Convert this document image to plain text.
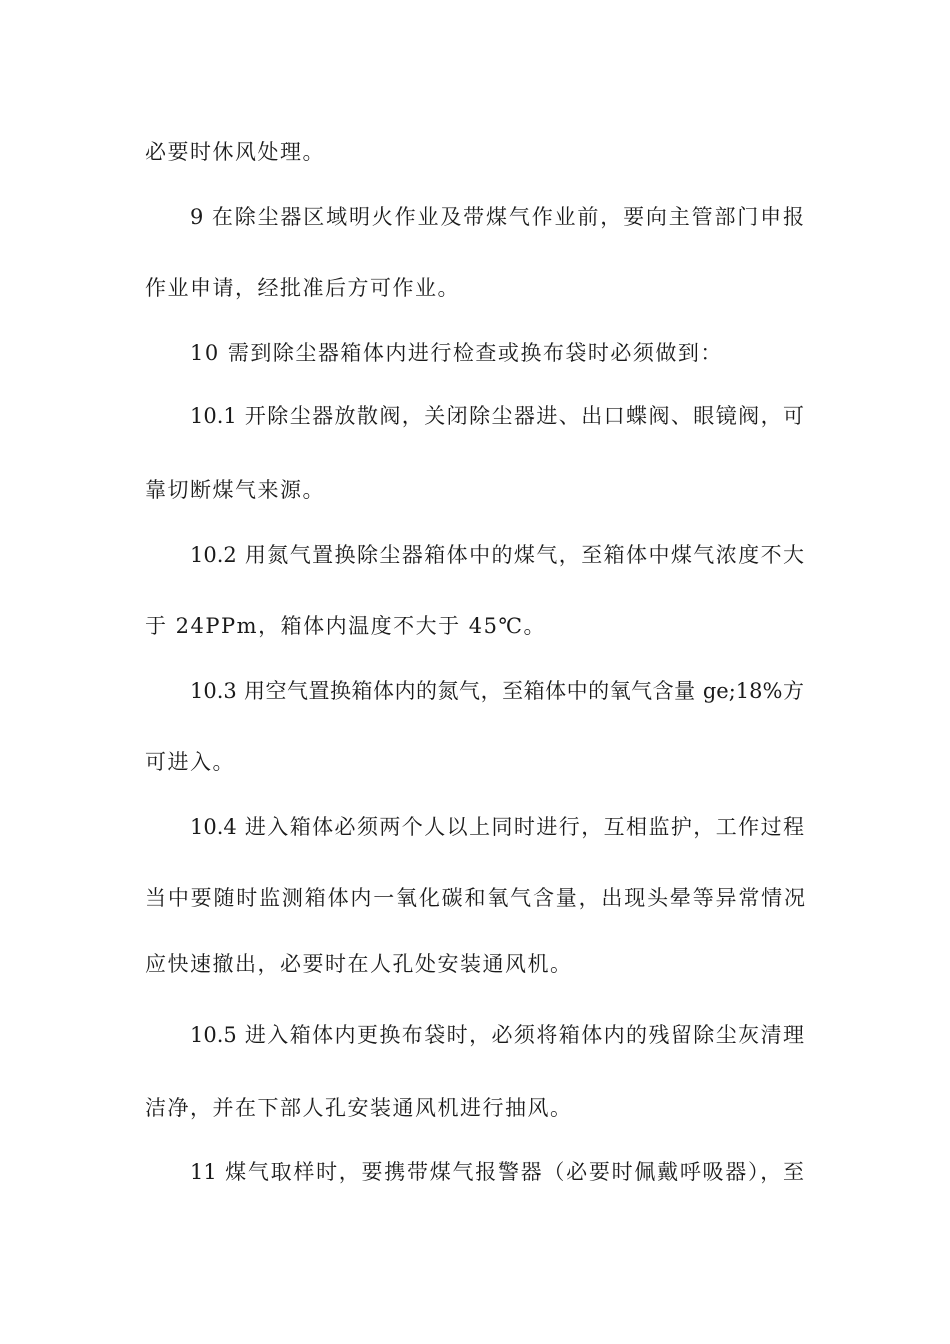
必要时休风处理。
9 在除尘器区域明火作业及带煤气作业前，要向主管部门申报
作业申请，经批准后方可作业。
10 需到除尘器箱体内进行检查或换布袋时必须做到：
10.1 开除尘器放散阀，关闭除尘器进、出口蝶阀、眼镜阀，可
靠切断煤气来源。
10.2 用氮气置换除尘器箱体中的煤气，至箱体中煤气浓度不大
于 24PPm，箱体内温度不大于 45℃。
10.3 用空气置换箱体内的氮气，至箱体中的氧气含量 ge;18%方
可进入。
10.4 进入箱体必须两个人以上同时进行，互相监护，工作过程
当中要随时监测箱体内一氧化碳和氧气含量，出现头晕等异常情况
应快速撤出，必要时在人孔处安装通风机。
10.5 进入箱体内更换布袋时，必须将箱体内的残留除尘灰清理
洁净，并在下部人孔安装通风机进行抽风。
11 煤气取样时，要携带煤气报警器（必要时佩戴呼吸器），至
